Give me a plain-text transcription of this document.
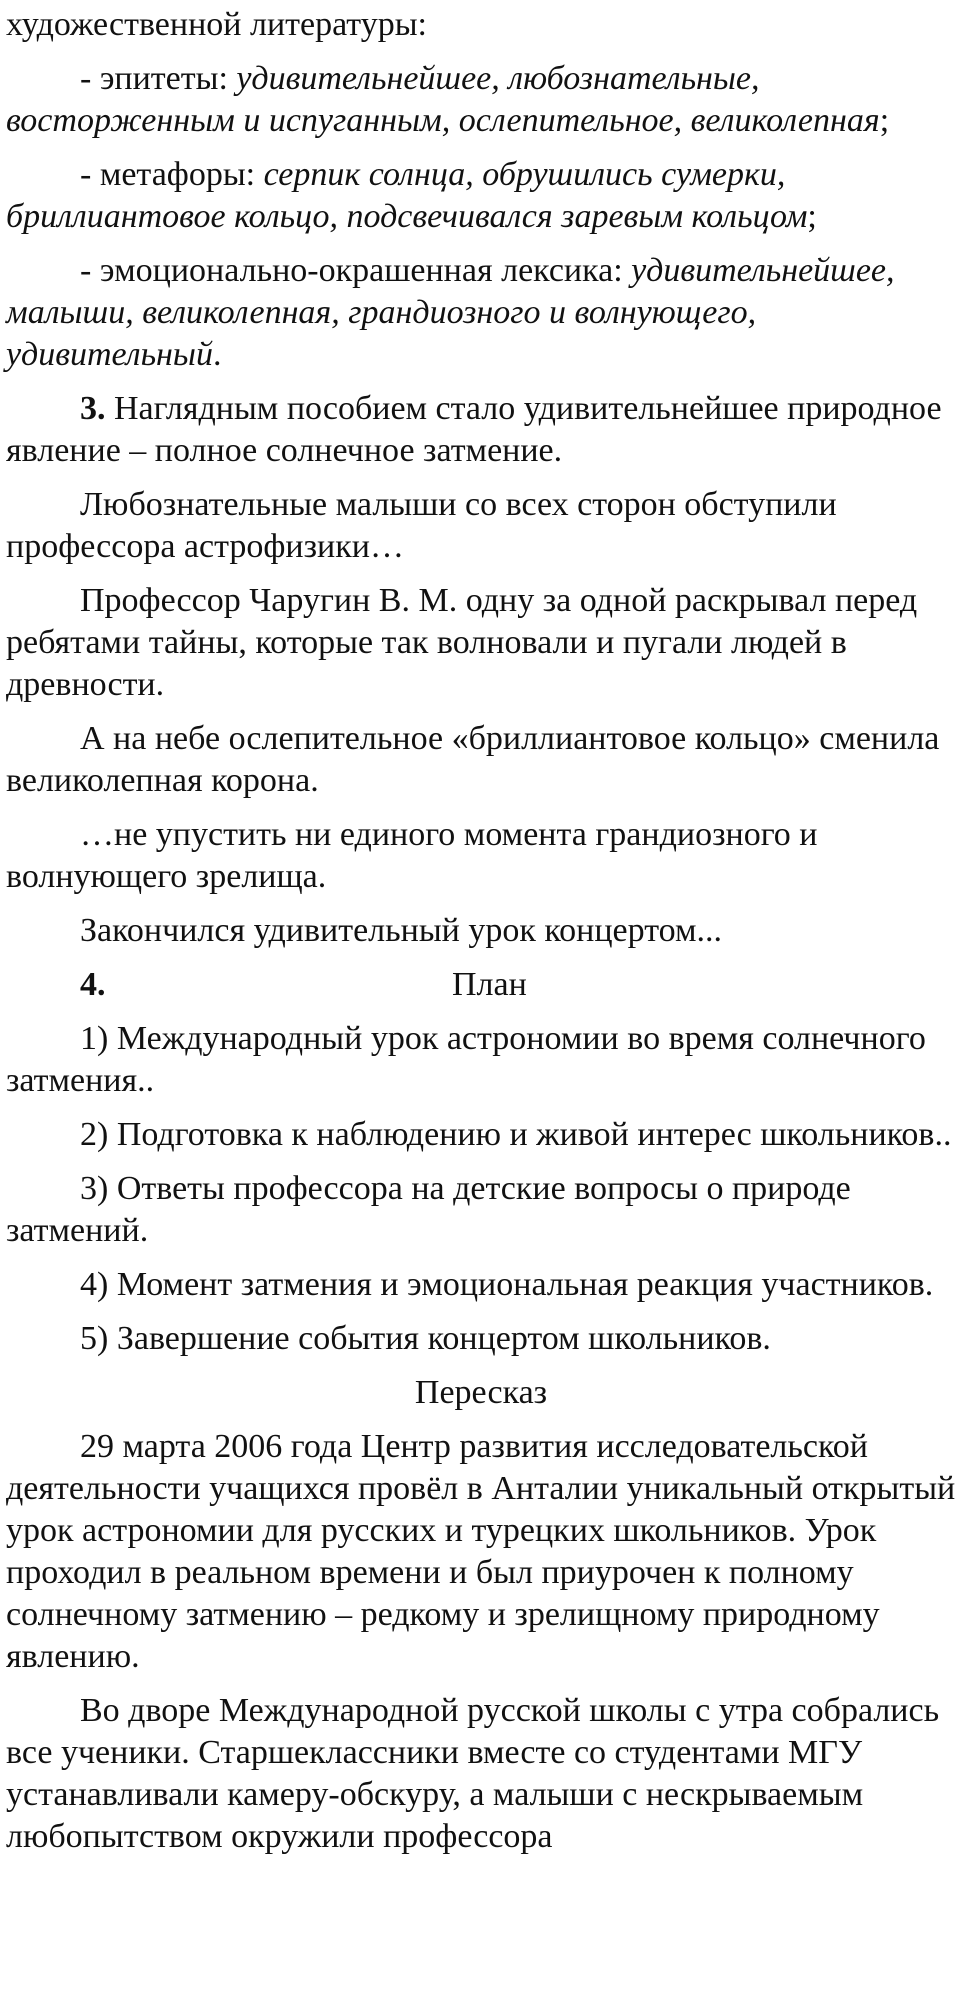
художественной литературы:

- эпитеты: удивительнейшее, любознательные, восторженным и испуганным, ослепительное, великолепная;

- метафоры: серпик солнца, обрушились сумерки, бриллиантовое кольцо, подсвечивался заревым кольцом;

- эмоционально-окрашенная лексика: удивительнейшее, малыши, великолепная, грандиозного и волнующего, удивительный.

3. Наглядным пособием стало удивительнейшее природное явление – полное солнечное затмение.

Любознательные малыши со всех сторон обступили профессора астрофизики…

Профессор Чаругин В. М. одну за одной раскрывал перед ребятами тайны, которые так волновали и пугали людей в древности.

А на небе ослепительное «бриллиантовое кольцо» сменила великолепная корона.

…не упустить ни единого момента грандиозного и волнующего зрелища.

Закончился удивительный урок концертом...

4.	План

1) Международный урок астрономии во время солнечного затмения..

2) Подготовка к наблюдению и живой интерес школьников..

3) Ответы профессора на детские вопросы о природе затмений.

4) Момент затмения и эмоциональная реакция участников.

5) Завершение события концертом школьников.

Пересказ

29 марта 2006 года Центр развития исследовательской деятельности учащихся провёл в Анталии уникальный открытый урок астрономии для русских и турецких школьников. Урок проходил в реальном времени и был приурочен к полному солнечному затмению – редкому и зрелищному природному явлению.

Во дворе Международной русской школы с утра собрались все ученики. Старшеклассники вместе со студентами МГУ устанавливали камеру-обскуру, а малыши с нескрываемым любопытством окружили профессора
